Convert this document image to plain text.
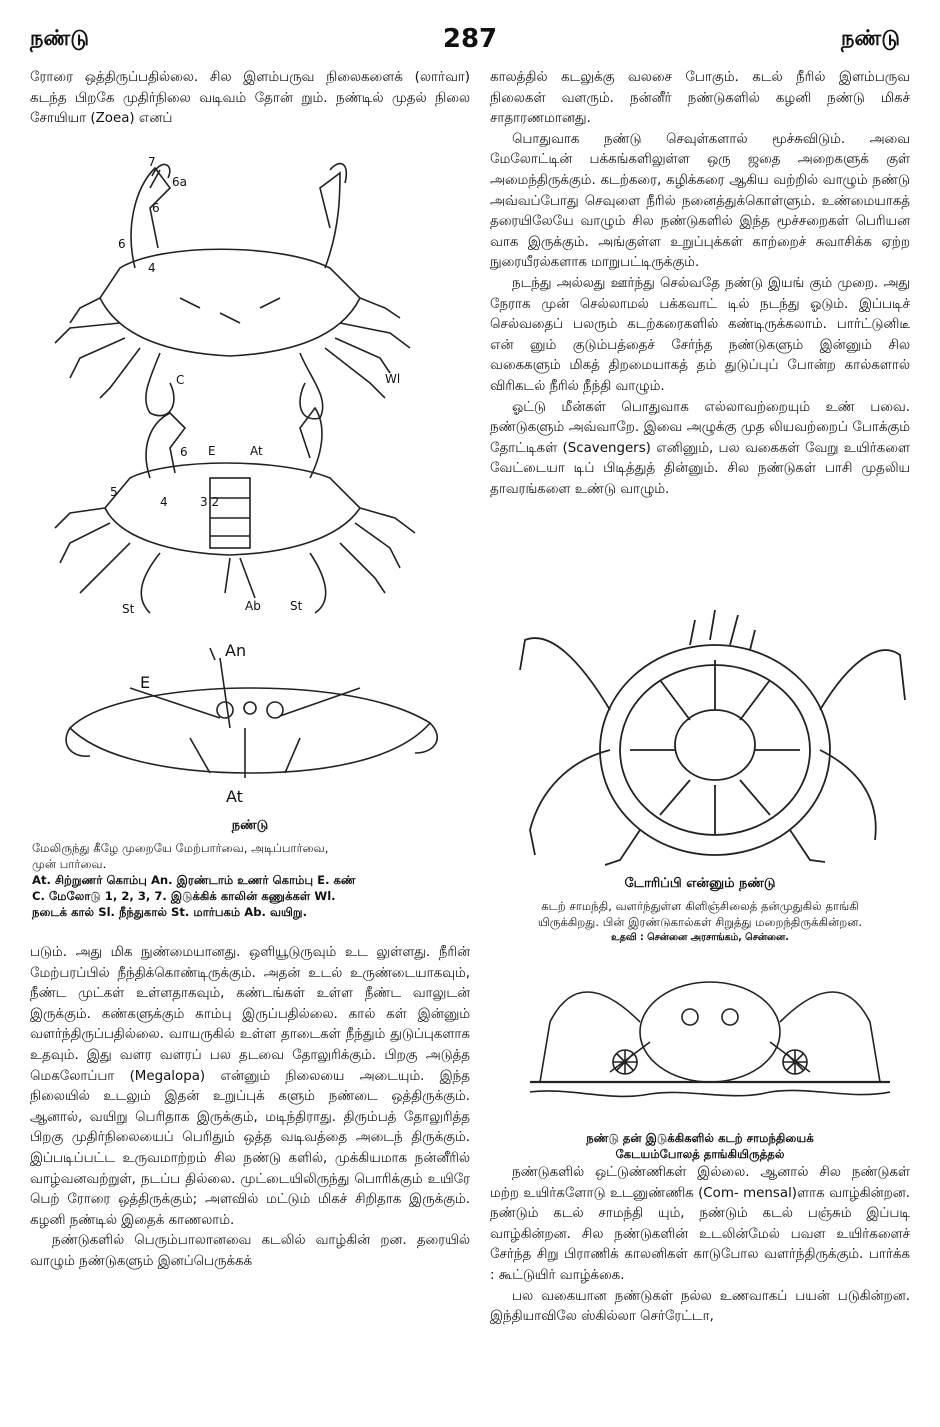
நண்டு	287	நண்டு

ரோரை ஒத்திருப்பதில்லை. சில இளம்பருவ நிலைகளைக் (லார்வா) கடந்த பிறகே முதிர்நிலை வடிவம் தோன் றும். நண்டில் முதல் நிலை சோயியா (Zoea) எனப்

7
6a
6
6
4
Wl
C
6 E	At
5
4	3 2
St	Ab St
An
E
At
நண்டு
மேலிருந்து கீழே முறையே மேற்பார்வை, அடிப்பார்வை,
முன் பார்வை.
At. சிற்றுணர் கொம்பு An. இரண்டாம் உணர் கொம்பு E. கண்
C. மேலோடு 1, 2, 3, 7. இடுக்கிக் காலின் கணுக்கள் Wl.
நடைக் கால் Sl. நீந்துகால் St. மார்பகம் Ab. வயிறு.

படும். அது மிக நுண்மையானது. ஒளியூடுருவும் உட லுள்ளது. நீரின் மேற்பரப்பில் நீந்திக்கொண்டிருக்கும். அதன் உடல் உருண்டையாகவும், நீண்ட முட்கள் உள்ளதாகவும், கண்டங்கள் உள்ள நீண்ட வாலுடன் இருக்கும். கண்களுக்கும் காம்பு இருப்பதில்லை. கால் கள் இன்னும் வளர்ந்திருப்பதில்லை. வாயருகில் உள்ள தாடைகள் நீந்தும் துடுப்புகளாக உதவும். இது வளர வளரப் பல தடவை தோலுரிக்கும். பிறகு அடுத்த மெகலோப்பா (Megalopa) என்னும் நிலையை அடையும். இந்த நிலையில் உடலும் இதன் உறுப்புக் களும் நண்டை ஒத்திருக்கும். ஆனால், வயிறு பெரிதாக இருக்கும், மடிந்திராது. திரும்பத் தோலுரித்த பிறகு முதிர்நிலையைப் பெரிதும் ஒத்த வடிவத்தை அடைந் திருக்கும். இப்படிப்பட்ட உருவமாற்றம் சில நண்டு களில், முக்கியமாக நன்னீரில் வாழ்வனவற்றுள், நடப்ப தில்லை. முட்டையிலிருந்து பொரிக்கும் உயிரே பெற் ரோரை ஒத்திருக்கும்; அளவில் மட்டும் மிகச் சிறிதாக இருக்கும். கழனி நண்டில் இதைக் காணலாம்.

நண்டுகளில் பெரும்பாலானவை கடலில் வாழ்கின் றன. தரையில் வாழும் நண்டுகளும் இனப்பெருக்கக்

காலத்தில் கடலுக்கு வலசை போகும். கடல் நீரில் இளம்பருவ நிலைகள் வளரும். நன்னீர் நண்டுகளில் கழனி நண்டு மிகச் சாதாரணமானது.

பொதுவாக நண்டு செவுள்களால் மூச்சுவிடும். அவை மேலோட்டின் பக்கங்களிலுள்ள ஒரு ஜதை அறைகளுக் குள் அமைந்திருக்கும். கடற்கரை, கழிக்கரை ஆகிய வற்றில் வாழும் நண்டு அவ்வப்போது செவுளை நீரில் நனைத்துக்கொள்ளும். உண்மையாகத் தரையிலேயே வாழும் சில நண்டுகளில் இந்த மூச்சறைகள் பெரியன வாக இருக்கும். அங்குள்ள உறுப்புக்கள் காற்றைச் சுவாசிக்க ஏற்ற நுரையீரல்களாக மாறுபட்டிருக்கும்.

நடந்து அல்லது ஊர்ந்து செல்வதே நண்டு இயங் கும் முறை. அது நேராக முன் செல்லாமல் பக்கவாட் டில் நடந்து ஓடும். இப்படிச் செல்வதைப் பலரும் கடற்கரைகளில் கண்டிருக்கலாம். பார்ட்டுனிடீ என் னும் குடும்பத்தைச் சேர்ந்த நண்டுகளும் இன்னும் சில வகைகளும் மிகத் திறமையாகத் தம் துடுப்புப் போன்ற கால்களால் விரிகடல் நீரில் நீந்தி வாழும்.

ஓட்டு மீன்கள் பொதுவாக எல்லாவற்றையும் உண் பவை. நண்டுகளும் அவ்வாறே. இவை அழுக்கு முத லியவற்றைப் போக்கும் தோட்டிகள் (Scavengers) எனினும், பல வகைகள் வேறு உயிர்களை வேட்டையா டிப் பிடித்துத் தின்னும். சில நண்டுகள் பாசி முதலிய தாவரங்களை உண்டு வாழும்.

டோரிப்பி என்னும் நண்டு
கடற் சாமந்தி, வளர்ந்துள்ள கிளிஞ்சிலைத் தன்முதுகில் தாங்கி
யிருக்கிறது. பின் இரண்டுகால்கள் சிறுத்து மறைந்திருக்கின்றன.
உதவி : சென்னை அரசாங்கம், சென்னை.
நண்டு தன் இடுக்கிகளில் கடற் சாமந்தியைக்
கேடயம்போலத் தாங்கியிருத்தல்

நண்டுகளில் ஒட்டுண்ணிகள் இல்லை. ஆனால் சில நண்டுகள் மற்ற உயிர்களோடு உடனுண்ணிக (Com- mensal)ளாக வாழ்கின்றன. நண்டும் கடல் சாமந்தி யும், நண்டும் கடல் பஞ்சும் இப்படி வாழ்கின்றன. சில நண்டுகளின் உடலின்மேல் பவள உயிர்களைச் சேர்ந்த சிறு பிராணிக் காலனிகள் காடுபோல வளர்ந்திருக்கும். பார்க்க : கூட்டுயிர் வாழ்க்கை.

பல வகையான நண்டுகள் நல்ல உணவாகப் பயன் படுகின்றன. இந்தியாவிலே ஸ்கில்லா செர்ரேட்டா,
